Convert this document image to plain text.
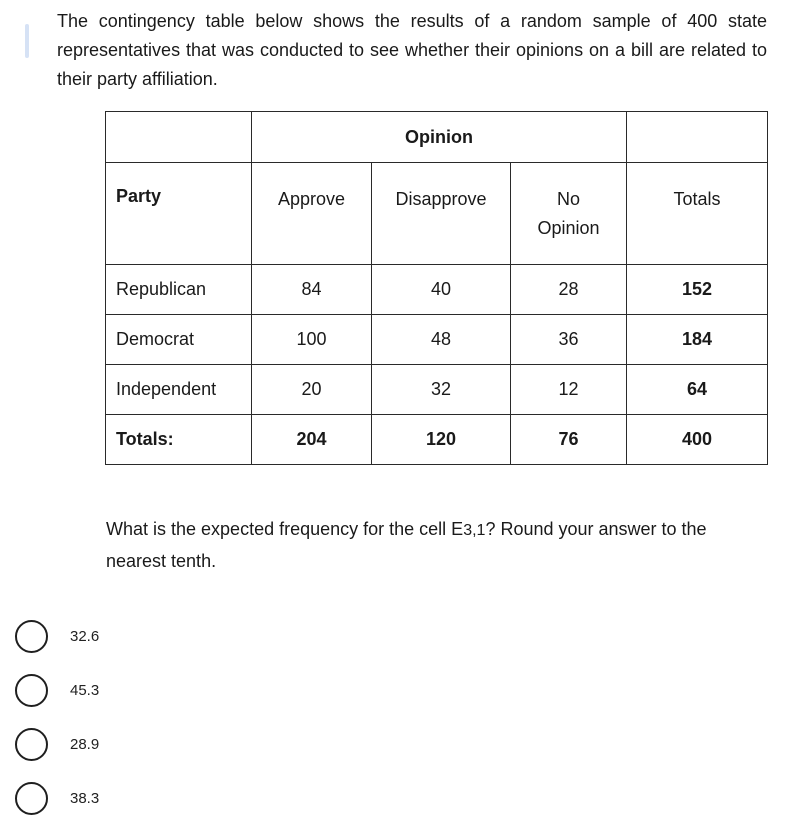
The contingency table below shows the results of a random sample of 400 state representatives that was conducted to see whether their opinions on a bill are related to their party affiliation.

	Opinion			
Party	Approve	Disapprove	No Opinion	Totals
Republican	84	40	28	152
Democrat	100	48	36	184
Independent	20	32	12	64
Totals:	204	120	76	400

What is the expected frequency for the cell E3,1? Round your answer to the nearest tenth.

32.6
45.3
28.9
38.3
